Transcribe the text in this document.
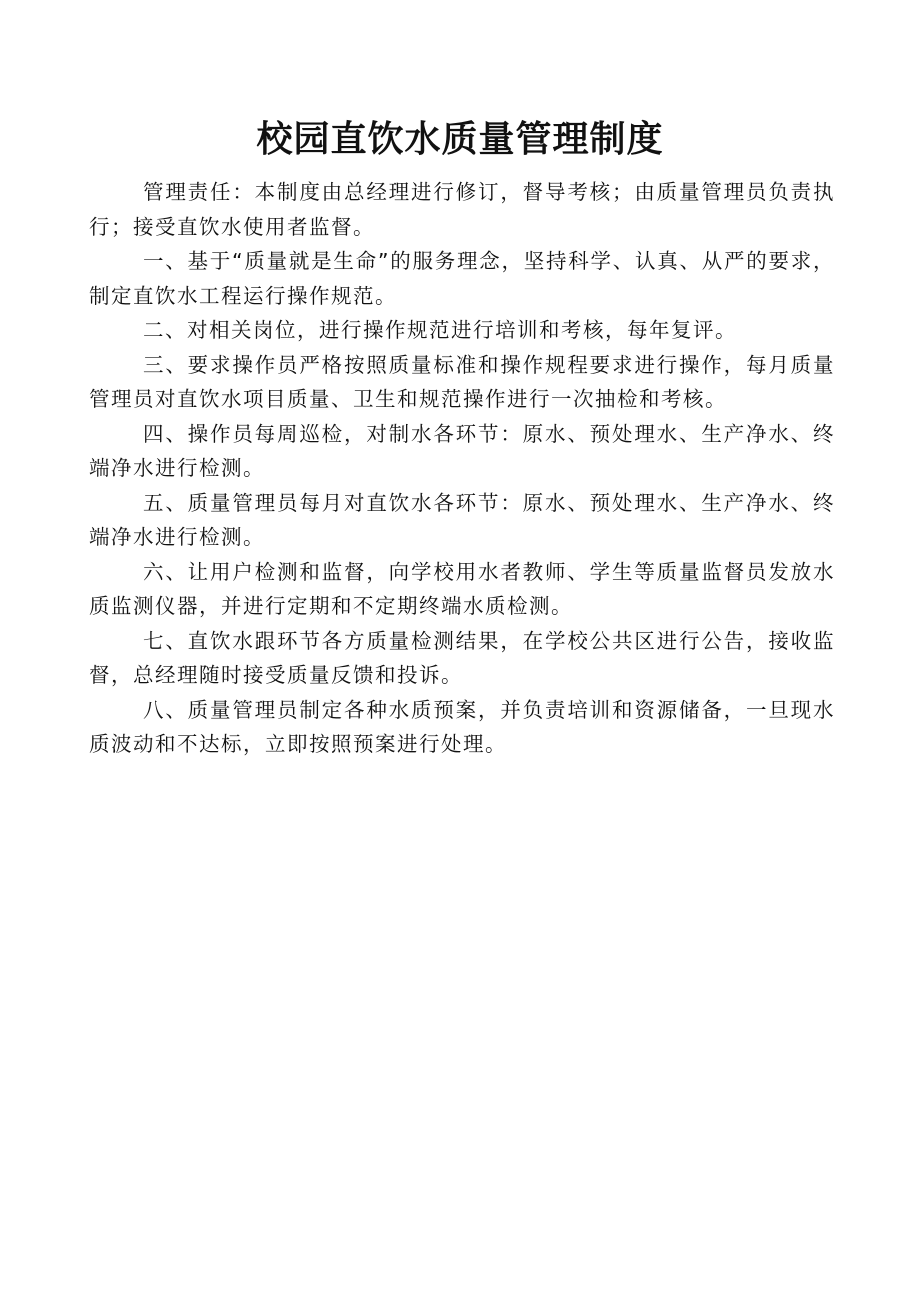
校园直饮水质量管理制度

管理责任：本制度由总经理进行修订，督导考核；由质量管理员负责执行；接受直饮水使用者监督。

一、基于“质量就是生命”的服务理念，坚持科学、认真、从严的要求，制定直饮水工程运行操作规范。

二、对相关岗位，进行操作规范进行培训和考核，每年复评。

三、要求操作员严格按照质量标准和操作规程要求进行操作，每月质量管理员对直饮水项目质量、卫生和规范操作进行一次抽检和考核。

四、操作员每周巡检，对制水各环节：原水、预处理水、生产净水、终端净水进行检测。

五、质量管理员每月对直饮水各环节：原水、预处理水、生产净水、终端净水进行检测。

六、让用户检测和监督，向学校用水者教师、学生等质量监督员发放水质监测仪器，并进行定期和不定期终端水质检测。

七、直饮水跟环节各方质量检测结果，在学校公共区进行公告，接收监督，总经理随时接受质量反馈和投诉。

八、质量管理员制定各种水质预案，并负责培训和资源储备，一旦现水质波动和不达标，立即按照预案进行处理。
